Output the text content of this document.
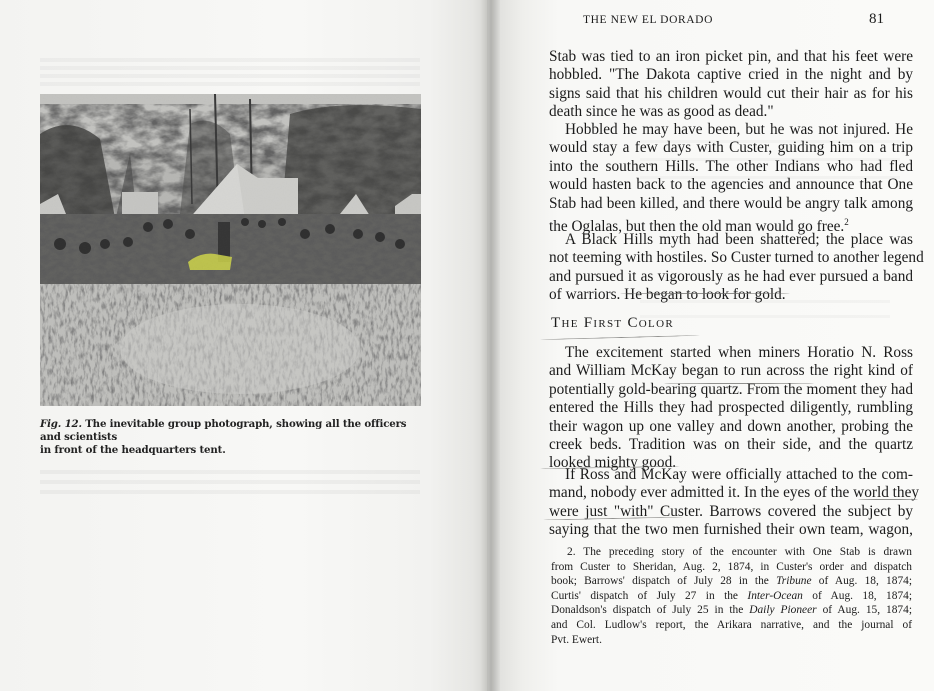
Fig. 12. The inevitable group photograph, showing all the officers and scientists
in front of the headquarters tent.
THE NEW EL DORADO	81
Stab was tied to an iron picket pin, and that his feet were
hobbled. "The Dakota captive cried in the night and by
signs said that his children would cut their hair as for his
death since he was as good as dead."
Hobbled he may have been, but he was not injured. He
would stay a few days with Custer, guiding him on a trip
into the southern Hills. The other Indians who had fled
would hasten back to the agencies and announce that One
Stab had been killed, and there would be angry talk among
the Oglalas, but then the old man would go free.$^2$
A Black Hills myth had been shattered; the place was
not teeming with hostiles. So Custer turned to another legend
and pursued it as vigorously as he had ever pursued a band
of warriors. He began to look for gold.
The First Color
The excitement started when miners Horatio N. Ross
and William McKay began to run across the right kind of
potentially gold-bearing quartz. From the moment they had
entered the Hills they had prospected diligently, rumbling
their wagon up one valley and down another, probing the
creek beds. Tradition was on their side, and the quartz
looked mighty good.
If Ross and McKay were officially attached to the com-
mand, nobody ever admitted it. In the eyes of the world they
were just "with" Custer. Barrows covered the subject by
saying that the two men furnished their own team, wagon,
2. The preceding story of the encounter with One Stab is drawn
from Custer to Sheridan, Aug. 2, 1874, in Custer's order and dispatch
book; Barrows' dispatch of July 28 in the Tribune of Aug. 18, 1874;
Curtis' dispatch of July 27 in the Inter-Ocean of Aug. 18, 1874;
Donaldson's dispatch of July 25 in the Daily Pioneer of Aug. 15, 1874;
and Col. Ludlow's report, the Arikara narrative, and the journal of
Pvt. Ewert.
